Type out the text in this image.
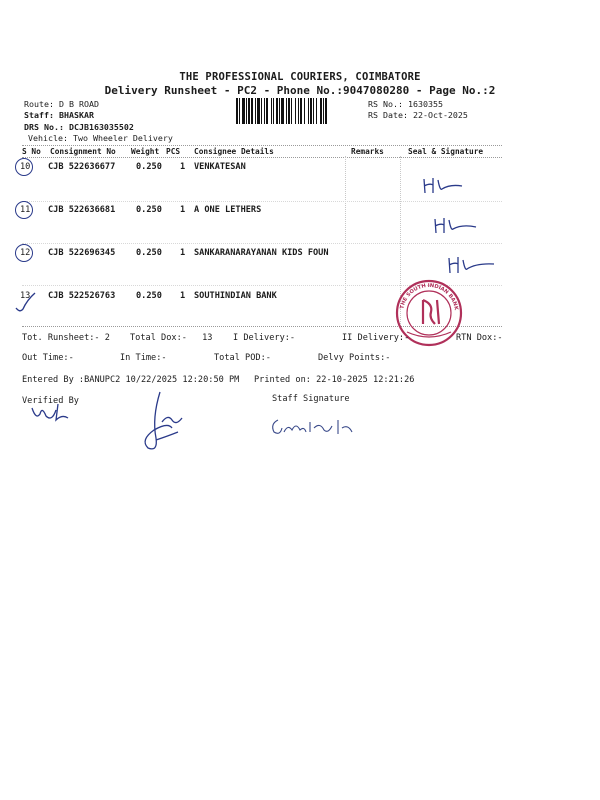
THE PROFESSIONAL COURIERS, COIMBATORE
Delivery Runsheet - PC2 - Phone No.:9047080280 - Page No.:2
Route: D B ROAD
Staff: BHASKAR
DRS No.: DCJB163035502
Vehicle: Two Wheeler Delivery
RS No.: 1630355
RS Date: 22-Oct-2025
S No Consignment No Weight PCS Consignee Details	Remarks	Seal & Signature
10 CJB 522636677 0.250 1 VENKATESAN
11 CJB 522636681 0.250 1 A ONE LETHERS
12 CJB 522696345 0.250 1 SANKARANARAYANAN KIDS FOUN
13 CJB 522526763 0.250 1 SOUTHINDIAN BANK
THE SOUTH INDIAN BANK
Tot. Runsheet:- 2 Total Dox:- 13 I Delivery:-	II Delivery:-	RTN Dox:-
Out Time:-	In Time:-	Total POD:-	Delvy Points:-
Entered By :BANUPC2 10/22/2025 12:20:50 PM Printed on: 22-10-2025 12:21:26
Verified By	Staff Signature
